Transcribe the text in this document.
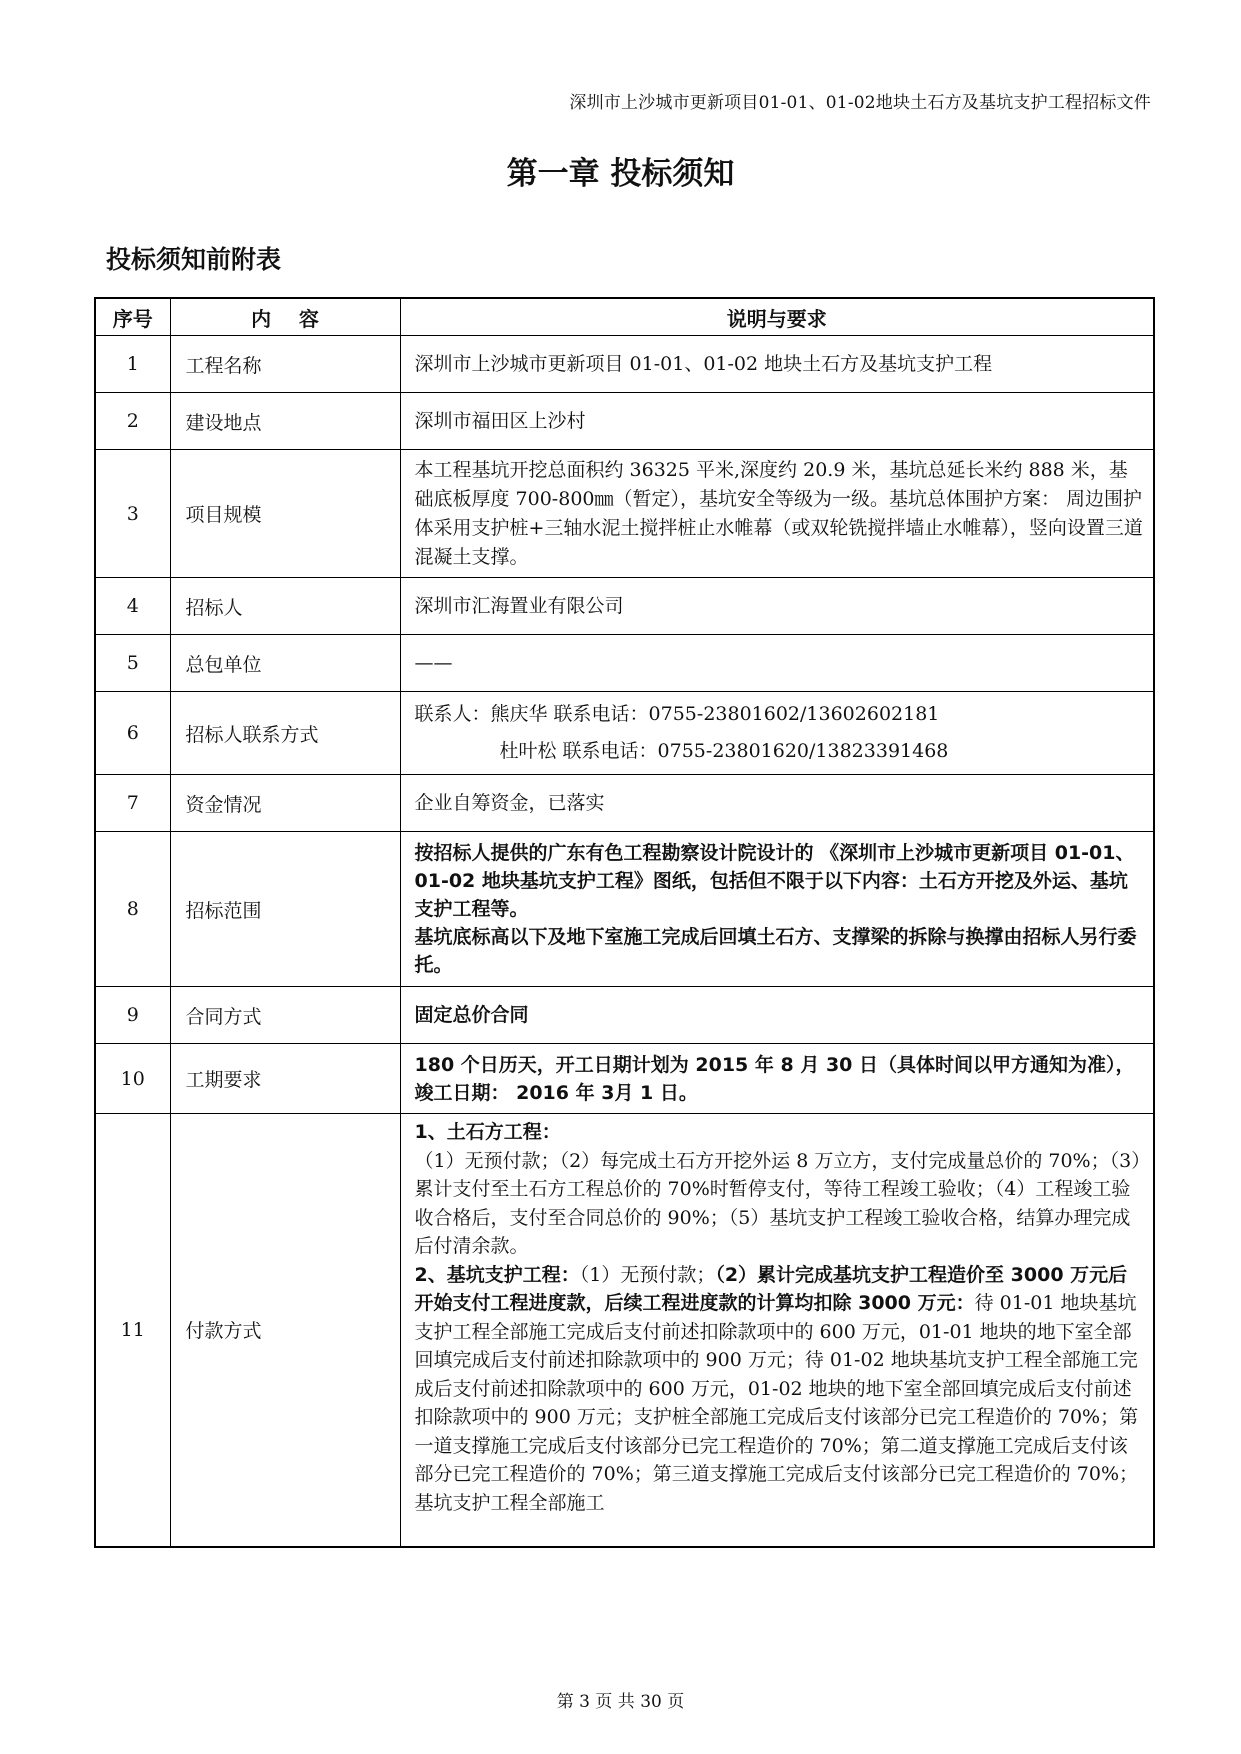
深圳市上沙城市更新项目01-01、01-02地块土石方及基坑支护工程招标文件
第一章 投标须知
投标须知前附表
序号	内    容	说明与要求
1	工程名称	深圳市上沙城市更新项目 01-01、01-02 地块土石方及基坑支护工程
2	建设地点	深圳市福田区上沙村
3	项目规模	本工程基坑开挖总面积约 36325 平米,深度约 20.9 米，基坑总延长米约 888 米，基础底板厚度 700-800㎜（暂定），基坑安全等级为一级。基坑总体围护方案： 周边围护体采用支护桩+三轴水泥土搅拌桩止水帷幕（或双轮铣搅拌墙止水帷幕），竖向设置三道混凝土支撑。
4	招标人	深圳市汇海置业有限公司
5	总包单位	——
6	招标人联系方式	联系人：熊庆华 联系电话：0755-23801602/13602602181

杜叶松 联系电话：0755-23801620/13823391468

7	资金情况	企业自筹资金，已落实
8	招标范围	按招标人提供的广东有色工程勘察设计院设计的 《深圳市上沙城市更新项目 01-01、01-02 地块基坑支护工程》图纸，包括但不限于以下内容：土石方开挖及外运、基坑支护工程等。

基坑底标高以下及地下室施工完成后回填土石方、支撑梁的拆除与换撑由招标人另行委托。

9	合同方式	固定总价合同
10	工期要求	180 个日历天，开工日期计划为 2015 年 8 月 30 日（具体时间以甲方通知为准），竣工日期： 2016 年 3月 1 日。
11	付款方式	1、土石方工程：

（1）无预付款；（2）每完成土石方开挖外运 8 万立方，支付完成量总价的 70%；（3）累计支付至土石方工程总价的 70%时暂停支付，等待工程竣工验收；（4）工程竣工验收合格后，支付至合同总价的 90%；（5）基坑支护工程竣工验收合格，结算办理完成后付清余款。

2、基坑支护工程：（1）无预付款；（2）累计完成基坑支护工程造价至 3000 万元后开始支付工程进度款，后续工程进度款的计算均扣除 3000 万元：待 01-01 地块基坑支护工程全部施工完成后支付前述扣除款项中的 600 万元，01-01 地块的地下室全部回填完成后支付前述扣除款项中的 900 万元；待 01-02 地块基坑支护工程全部施工完成后支付前述扣除款项中的 600 万元，01-02 地块的地下室全部回填完成后支付前述扣除款项中的 900 万元；支护桩全部施工完成后支付该部分已完工程造价的 70%；第一道支撑施工完成后支付该部分已完工程造价的 70%；第二道支撑施工完成后支付该部分已完工程造价的 70%；第三道支撑施工完成后支付该部分已完工程造价的 70%；基坑支护工程全部施工

第 3 页 共 30 页
